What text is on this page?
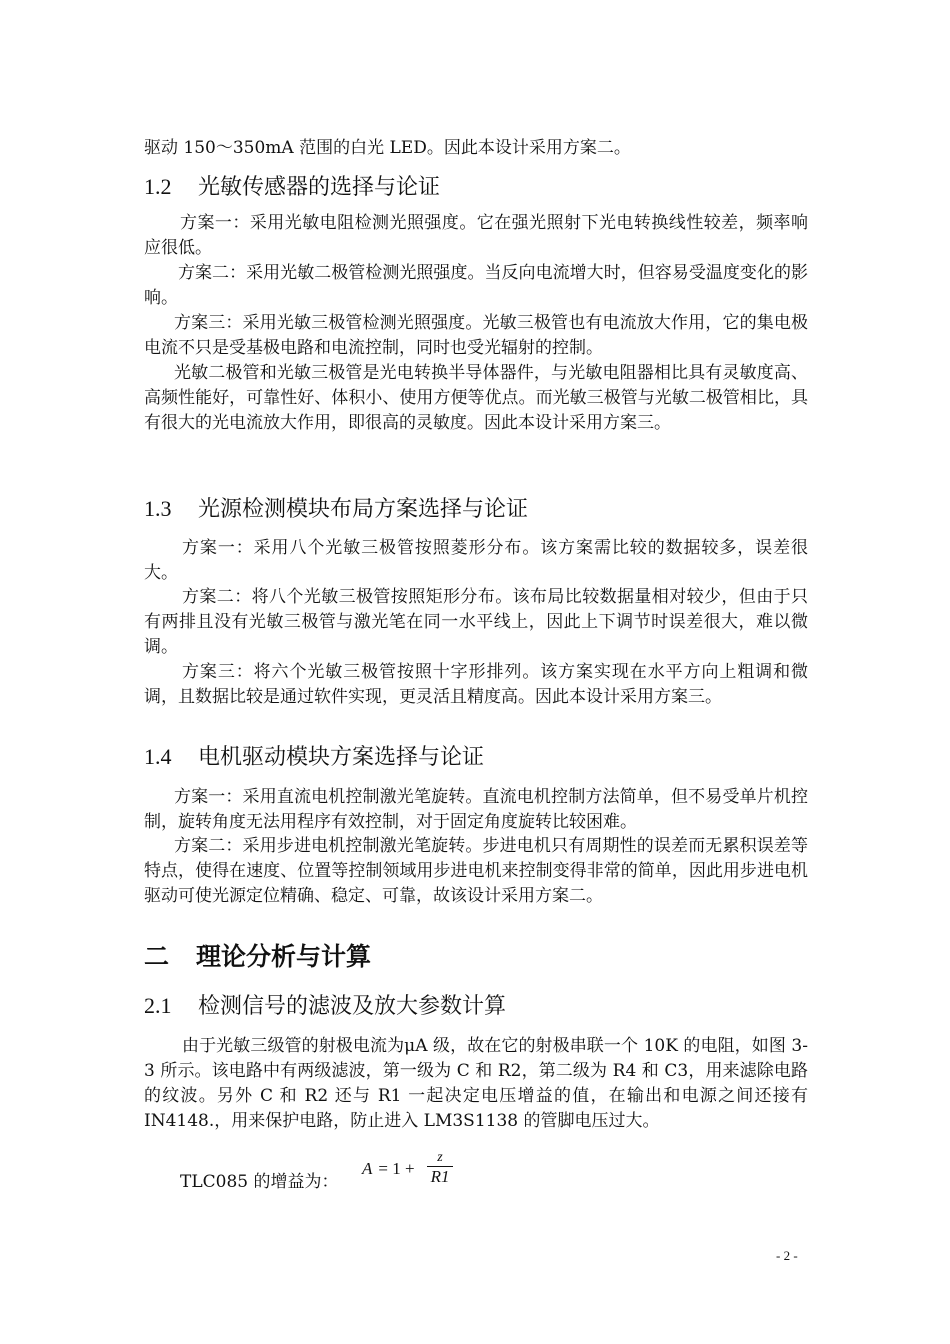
驱动 150～350mA 范围的白光 LED。因此本设计采用方案二。

1.2 光敏传感器的选择与论证

方案一：采用光敏电阻检测光照强度。它在强光照射下光电转换线性较差，频率响应很低。

方案二：采用光敏二极管检测光照强度。当反向电流增大时，但容易受温度变化的影响。

方案三：采用光敏三极管检测光照强度。光敏三极管也有电流放大作用，它的集电极电流不只是受基极电路和电流控制，同时也受光辐射的控制。

光敏二极管和光敏三极管是光电转换半导体器件，与光敏电阻器相比具有灵敏度高、高频性能好，可靠性好、体积小、使用方便等优点。而光敏三极管与光敏二极管相比，具有很大的光电流放大作用，即很高的灵敏度。因此本设计采用方案三。

1.3 光源检测模块布局方案选择与论证

方案一：采用八个光敏三极管按照菱形分布。该方案需比较的数据较多，误差很大。

方案二：将八个光敏三极管按照矩形分布。该布局比较数据量相对较少，但由于只有两排且没有光敏三极管与激光笔在同一水平线上，因此上下调节时误差很大，难以微调。

方案三：将六个光敏三极管按照十字形排列。该方案实现在水平方向上粗调和微调，且数据比较是通过软件实现，更灵活且精度高。因此本设计采用方案三。

1.4 电机驱动模块方案选择与论证

方案一：采用直流电机控制激光笔旋转。直流电机控制方法简单，但不易受单片机控制，旋转角度无法用程序有效控制，对于固定角度旋转比较困难。

方案二：采用步进电机控制激光笔旋转。步进电机只有周期性的误差而无累积误差等特点，使得在速度、位置等控制领域用步进电机来控制变得非常的简单，因此用步进电机驱动可使光源定位精确、稳定、可靠，故该设计采用方案二。

二 理论分析与计算
2.1 检测信号的滤波及放大参数计算

由于光敏三级管的射极电流为μA 级，故在它的射极串联一个 10K 的电阻，如图 3-3 所示。该电路中有两级滤波，第一级为 C 和 R2，第二级为 R4 和 C3，用来滤除电路的纹波。另外 C 和 R2 还与 R1 一起决定电压增益的值，在输出和电源之间还接有 IN4148.，用来保护电路，防止进入 LM3S1138 的管脚电压过大。

TLC085 的增益为：
$A = 1 + \frac{z}{R1}$
- 2 -
